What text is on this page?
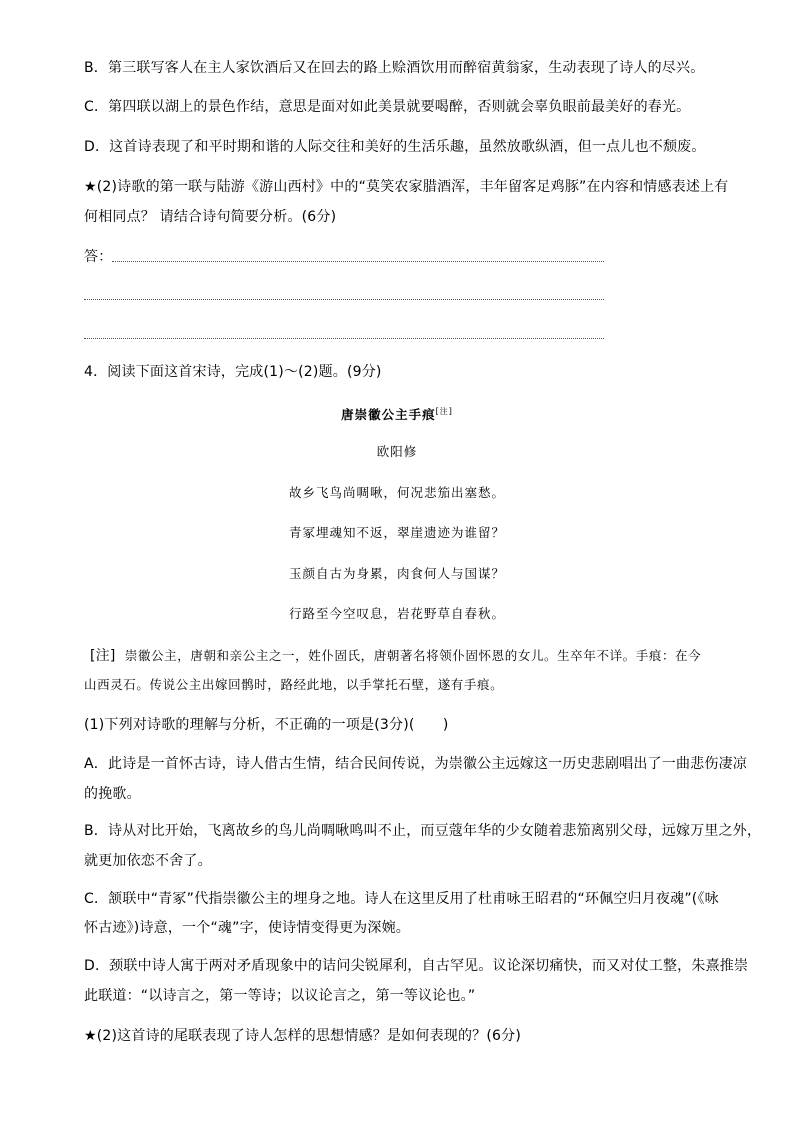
B．第三联写客人在主人家饮酒后又在回去的路上赊酒饮用而醉宿黄翁家，生动表现了诗人的尽兴。
C．第四联以湖上的景色作结，意思是面对如此美景就要喝醉，否则就会辜负眼前最美好的春光。
D．这首诗表现了和平时期和谐的人际交往和美好的生活乐趣，虽然放歌纵酒，但一点儿也不颓废。
★(2)诗歌的第一联与陆游《游山西村》中的“莫笑农家腊酒浑，丰年留客足鸡豚”在内容和情感表述上有
何相同点？ 请结合诗句简要分析。(6分)
答：
4．阅读下面这首宋诗，完成(1)～(2)题。(9分)
唐崇徽公主手痕[注]
欧阳修
故乡飞鸟尚啁啾，何况悲笳出塞愁。
青冢埋魂知不返，翠崖遗迹为谁留？
玉颜自古为身累，肉食何人与国谋？
行路至今空叹息，岩花野草自春秋。
[注] 崇徽公主，唐朝和亲公主之一，姓仆固氏，唐朝著名将领仆固怀恩的女儿。生卒年不详。手痕：在今
山西灵石。传说公主出嫁回鹘时，路经此地，以手掌托石壁，遂有手痕。
(1)下列对诗歌的理解与分析，不正确的一项是(3分)(　　)
A．此诗是一首怀古诗，诗人借古生情，结合民间传说，为崇徽公主远嫁这一历史悲剧唱出了一曲悲伤凄凉
的挽歌。
B．诗从对比开始，飞离故乡的鸟儿尚啁啾鸣叫不止，而豆蔻年华的少女随着悲笳离别父母，远嫁万里之外，
就更加依恋不舍了。
C．颔联中“青冢”代指崇徽公主的埋身之地。诗人在这里反用了杜甫咏王昭君的“环佩空归月夜魂”(《咏
怀古迹》)诗意，一个“魂”字，使诗情变得更为深婉。
D．颈联中诗人寓于两对矛盾现象中的诘问尖锐犀利，自古罕见。议论深切痛快，而又对仗工整，朱熹推崇
此联道：“以诗言之，第一等诗；以议论言之，第一等议论也。”
★(2)这首诗的尾联表现了诗人怎样的思想情感？是如何表现的？(6分)
